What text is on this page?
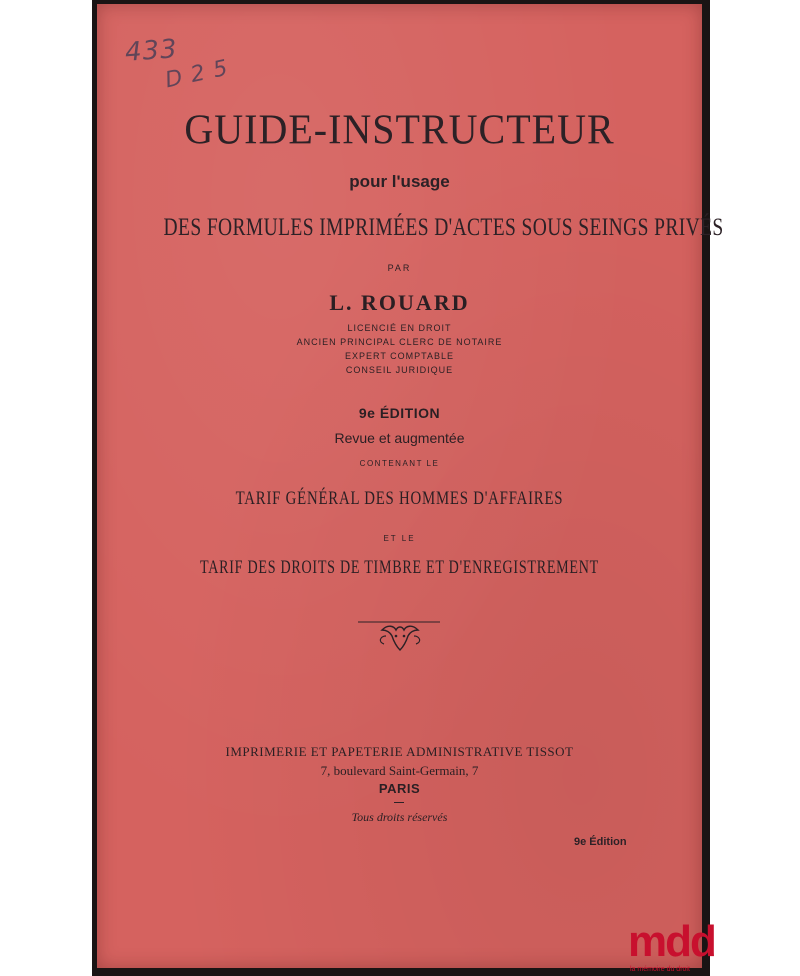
433
D 2 5
GUIDE-INSTRUCTEUR
pour l'usage
DES FORMULES IMPRIMÉES D'ACTES SOUS SEINGS PRIVÉS
PAR
L. ROUARD
LICENCIÉ EN DROIT
ANCIEN PRINCIPAL CLERC DE NOTAIRE
EXPERT COMPTABLE
CONSEIL JURIDIQUE
9e ÉDITION
Revue et augmentée
CONTENANT LE
TARIF GÉNÉRAL DES HOMMES D'AFFAIRES
ET LE
TARIF DES DROITS DE TIMBRE ET D'ENREGISTREMENT
IMPRIMERIE ET PAPETERIE ADMINISTRATIVE TISSOT
7, boulevard Saint-Germain, 7
PARIS
Tous droits réservés
9e Édition
mdd
la mémoire du droit
